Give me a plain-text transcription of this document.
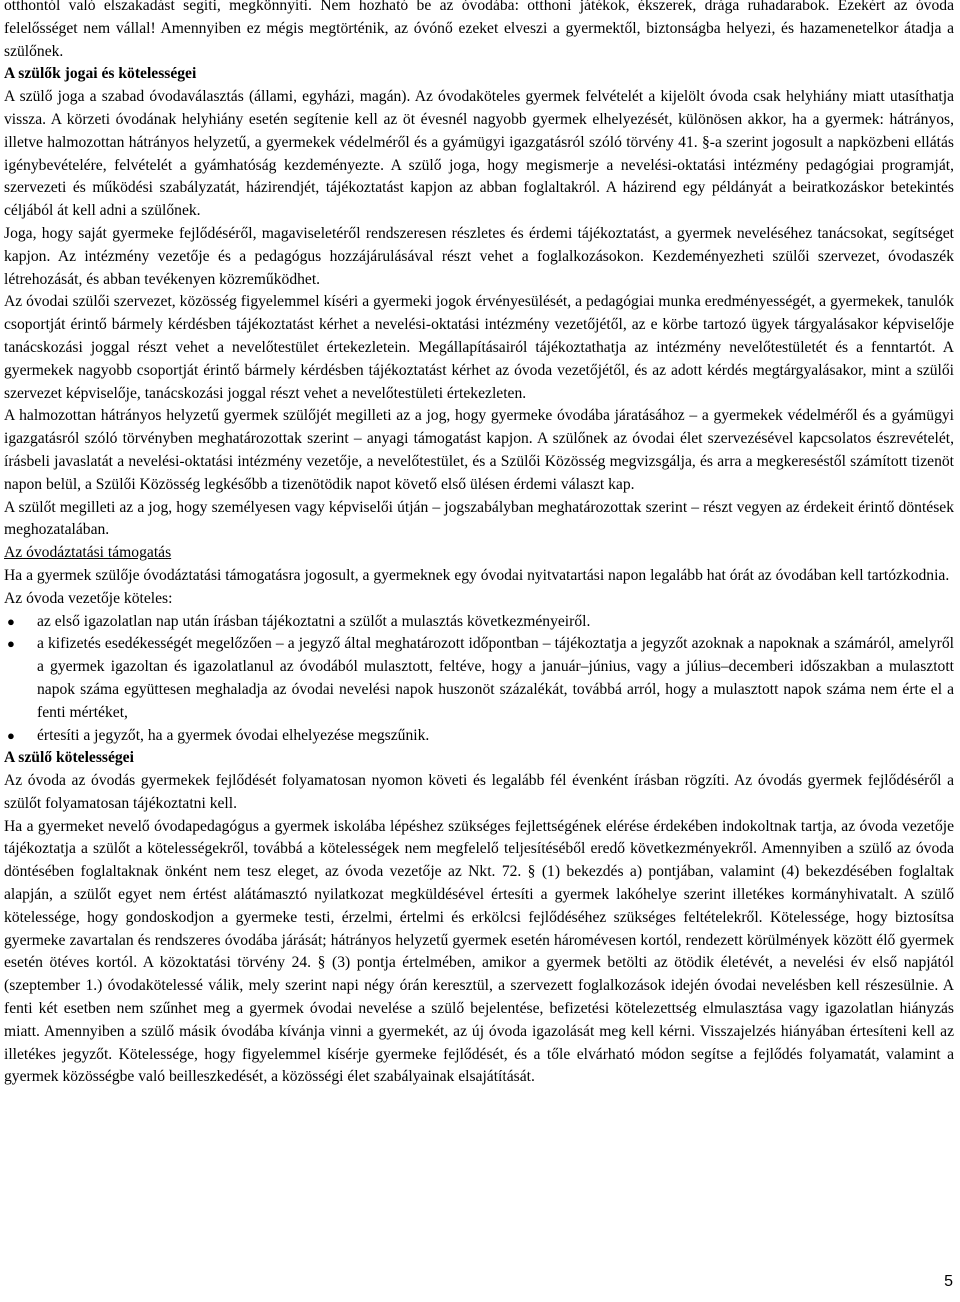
otthontól való elszakadást segíti, megkönnyíti. Nem hozható be az óvodába: otthoni játékok, ékszerek, drága ruhadarabok. Ezekért az óvoda felelősséget nem vállal! Amennyiben ez mégis megtörténik, az óvónő ezeket elveszi a gyermektől, biztonságba helyezi, és hazamenetelkor átadja a szülőnek.

A szülők jogai és kötelességei

A szülő joga a szabad óvodaválasztás (állami, egyházi, magán). Az óvodaköteles gyermek felvételét a kijelölt óvoda csak helyhiány miatt utasíthatja vissza. A körzeti óvodának helyhiány esetén segítenie kell az öt évesnél nagyobb gyermek elhelyezését, különösen akkor, ha a gyermek: hátrányos, illetve halmozottan hátrányos helyzetű, a gyermekek védelméről és a gyámügyi igazgatásról szóló törvény 41. §-a szerint jogosult a napközbeni ellátás igénybevételére, felvételét a gyámhatóság kezdeményezte. A szülő joga, hogy megismerje a nevelési-oktatási intézmény pedagógiai programját, szervezeti és működési szabályzatát, házirendjét, tájékoztatást kapjon az abban foglaltakról. A házirend egy példányát a beiratkozáskor betekintés céljából át kell adni a szülőnek.

Joga, hogy saját gyermeke fejlődéséről, magaviseletéről rendszeresen részletes és érdemi tájékoztatást, a gyermek neveléséhez tanácsokat, segítséget kapjon. Az intézmény vezetője és a pedagógus hozzájárulásával részt vehet a foglalkozásokon. Kezdeményezheti szülői szervezet, óvodaszék létrehozását, és abban tevékenyen közreműködhet.

Az óvodai szülői szervezet, közösség figyelemmel kíséri a gyermeki jogok érvényesülését, a pedagógiai munka eredményességét, a gyermekek, tanulók csoportját érintő bármely kérdésben tájékoztatást kérhet a nevelési-oktatási intézmény vezetőjétől, az e körbe tartozó ügyek tárgyalásakor képviselője tanácskozási joggal részt vehet a nevelőtestület értekezletein. Megállapításairól tájékoztathatja az intézmény nevelőtestületét és a fenntartót. A gyermekek nagyobb csoportját érintő bármely kérdésben tájékoztatást kérhet az óvoda vezetőjétől, és az adott kérdés megtárgyalásakor, mint a szülői szervezet képviselője, tanácskozási joggal részt vehet a nevelőtestületi értekezleten.

A halmozottan hátrányos helyzetű gyermek szülőjét megilleti az a jog, hogy gyermeke óvodába járatásához – a gyermekek védelméről és a gyámügyi igazgatásról szóló törvényben meghatározottak szerint – anyagi támogatást kapjon. A szülőnek az óvodai élet szervezésével kapcsolatos észrevételét, írásbeli javaslatát a nevelési-oktatási intézmény vezetője, a nevelőtestület, és a Szülői Közösség megvizsgálja, és arra a megkereséstől számított tizenöt napon belül, a Szülői Közösség legkésőbb a tizenötödik napot követő első ülésen érdemi választ kap.

A szülőt megilleti az a jog, hogy személyesen vagy képviselői útján – jogszabályban meghatározottak szerint – részt vegyen az érdekeit érintő döntések meghozatalában.

Az óvodáztatási támogatás

Ha a gyermek szülője óvodáztatási támogatásra jogosult, a gyermeknek egy óvodai nyitvatartási napon legalább hat órát az óvodában kell tartózkodnia.

Az óvoda vezetője köteles:

● az első igazolatlan nap után írásban tájékoztatni a szülőt a mulasztás következményeiről.
● a kifizetés esedékességét megelőzően – a jegyző által meghatározott időpontban – tájékoztatja a jegyzőt azoknak a napoknak a számáról, amelyről a gyermek igazoltan és igazolatlanul az óvodából mulasztott, feltéve, hogy a január–június, vagy a július–decemberi időszakban a mulasztott napok száma együttesen meghaladja az óvodai nevelési napok huszonöt százalékát, továbbá arról, hogy a mulasztott napok száma nem érte el a fenti mértéket,
● értesíti a jegyzőt, ha a gyermek óvodai elhelyezése megszűnik.

A szülő kötelességei

Az óvoda az óvodás gyermekek fejlődését folyamatosan nyomon követi és legalább fél évenként írásban rögzíti. Az óvodás gyermek fejlődéséről a szülőt folyamatosan tájékoztatni kell.

Ha a gyermeket nevelő óvodapedagógus a gyermek iskolába lépéshez szükséges fejlettségének elérése érdekében indokoltnak tartja, az óvoda vezetője tájékoztatja a szülőt a kötelességekről, továbbá a kötelességek nem megfelelő teljesítéséből eredő következményekről. Amennyiben a szülő az óvoda döntésében foglaltaknak önként nem tesz eleget, az óvoda vezetője az Nkt. 72. § (1) bekezdés a) pontjában, valamint (4) bekezdésében foglaltak alapján, a szülőt egyet nem értést alátámasztó nyilatkozat megküldésével értesíti a gyermek lakóhelye szerint illetékes kormányhivatalt. A szülő kötelessége, hogy gondoskodjon a gyermeke testi, érzelmi, értelmi és erkölcsi fejlődéséhez szükséges feltételekről. Kötelessége, hogy biztosítsa gyermeke zavartalan és rendszeres óvodába járását; hátrányos helyzetű gyermek esetén háromévesen kortól, rendezett körülmények között élő gyermek esetén ötéves kortól. A közoktatási törvény 24. § (3) pontja értelmében, amikor a gyermek betölti az ötödik életévét, a nevelési év első napjától (szeptember 1.) óvodakötelessé válik, mely szerint napi négy órán keresztül, a szervezett foglalkozások idején óvodai nevelésben kell részesülnie. A fenti két esetben nem szűnhet meg a gyermek óvodai nevelése a szülő bejelentése, befizetési kötelezettség elmulasztása vagy igazolatlan hiányzás miatt. Amennyiben a szülő másik óvodába kívánja vinni a gyermekét, az új óvoda igazolását meg kell kérni. Visszajelzés hiányában értesíteni kell az illetékes jegyzőt. Kötelessége, hogy figyelemmel kísérje gyermeke fejlődését, és a tőle elvárható módon segítse a fejlődés folyamatát, valamint a gyermek közösségbe való beilleszkedését, a közösségi élet szabályainak elsajátítását.

5
